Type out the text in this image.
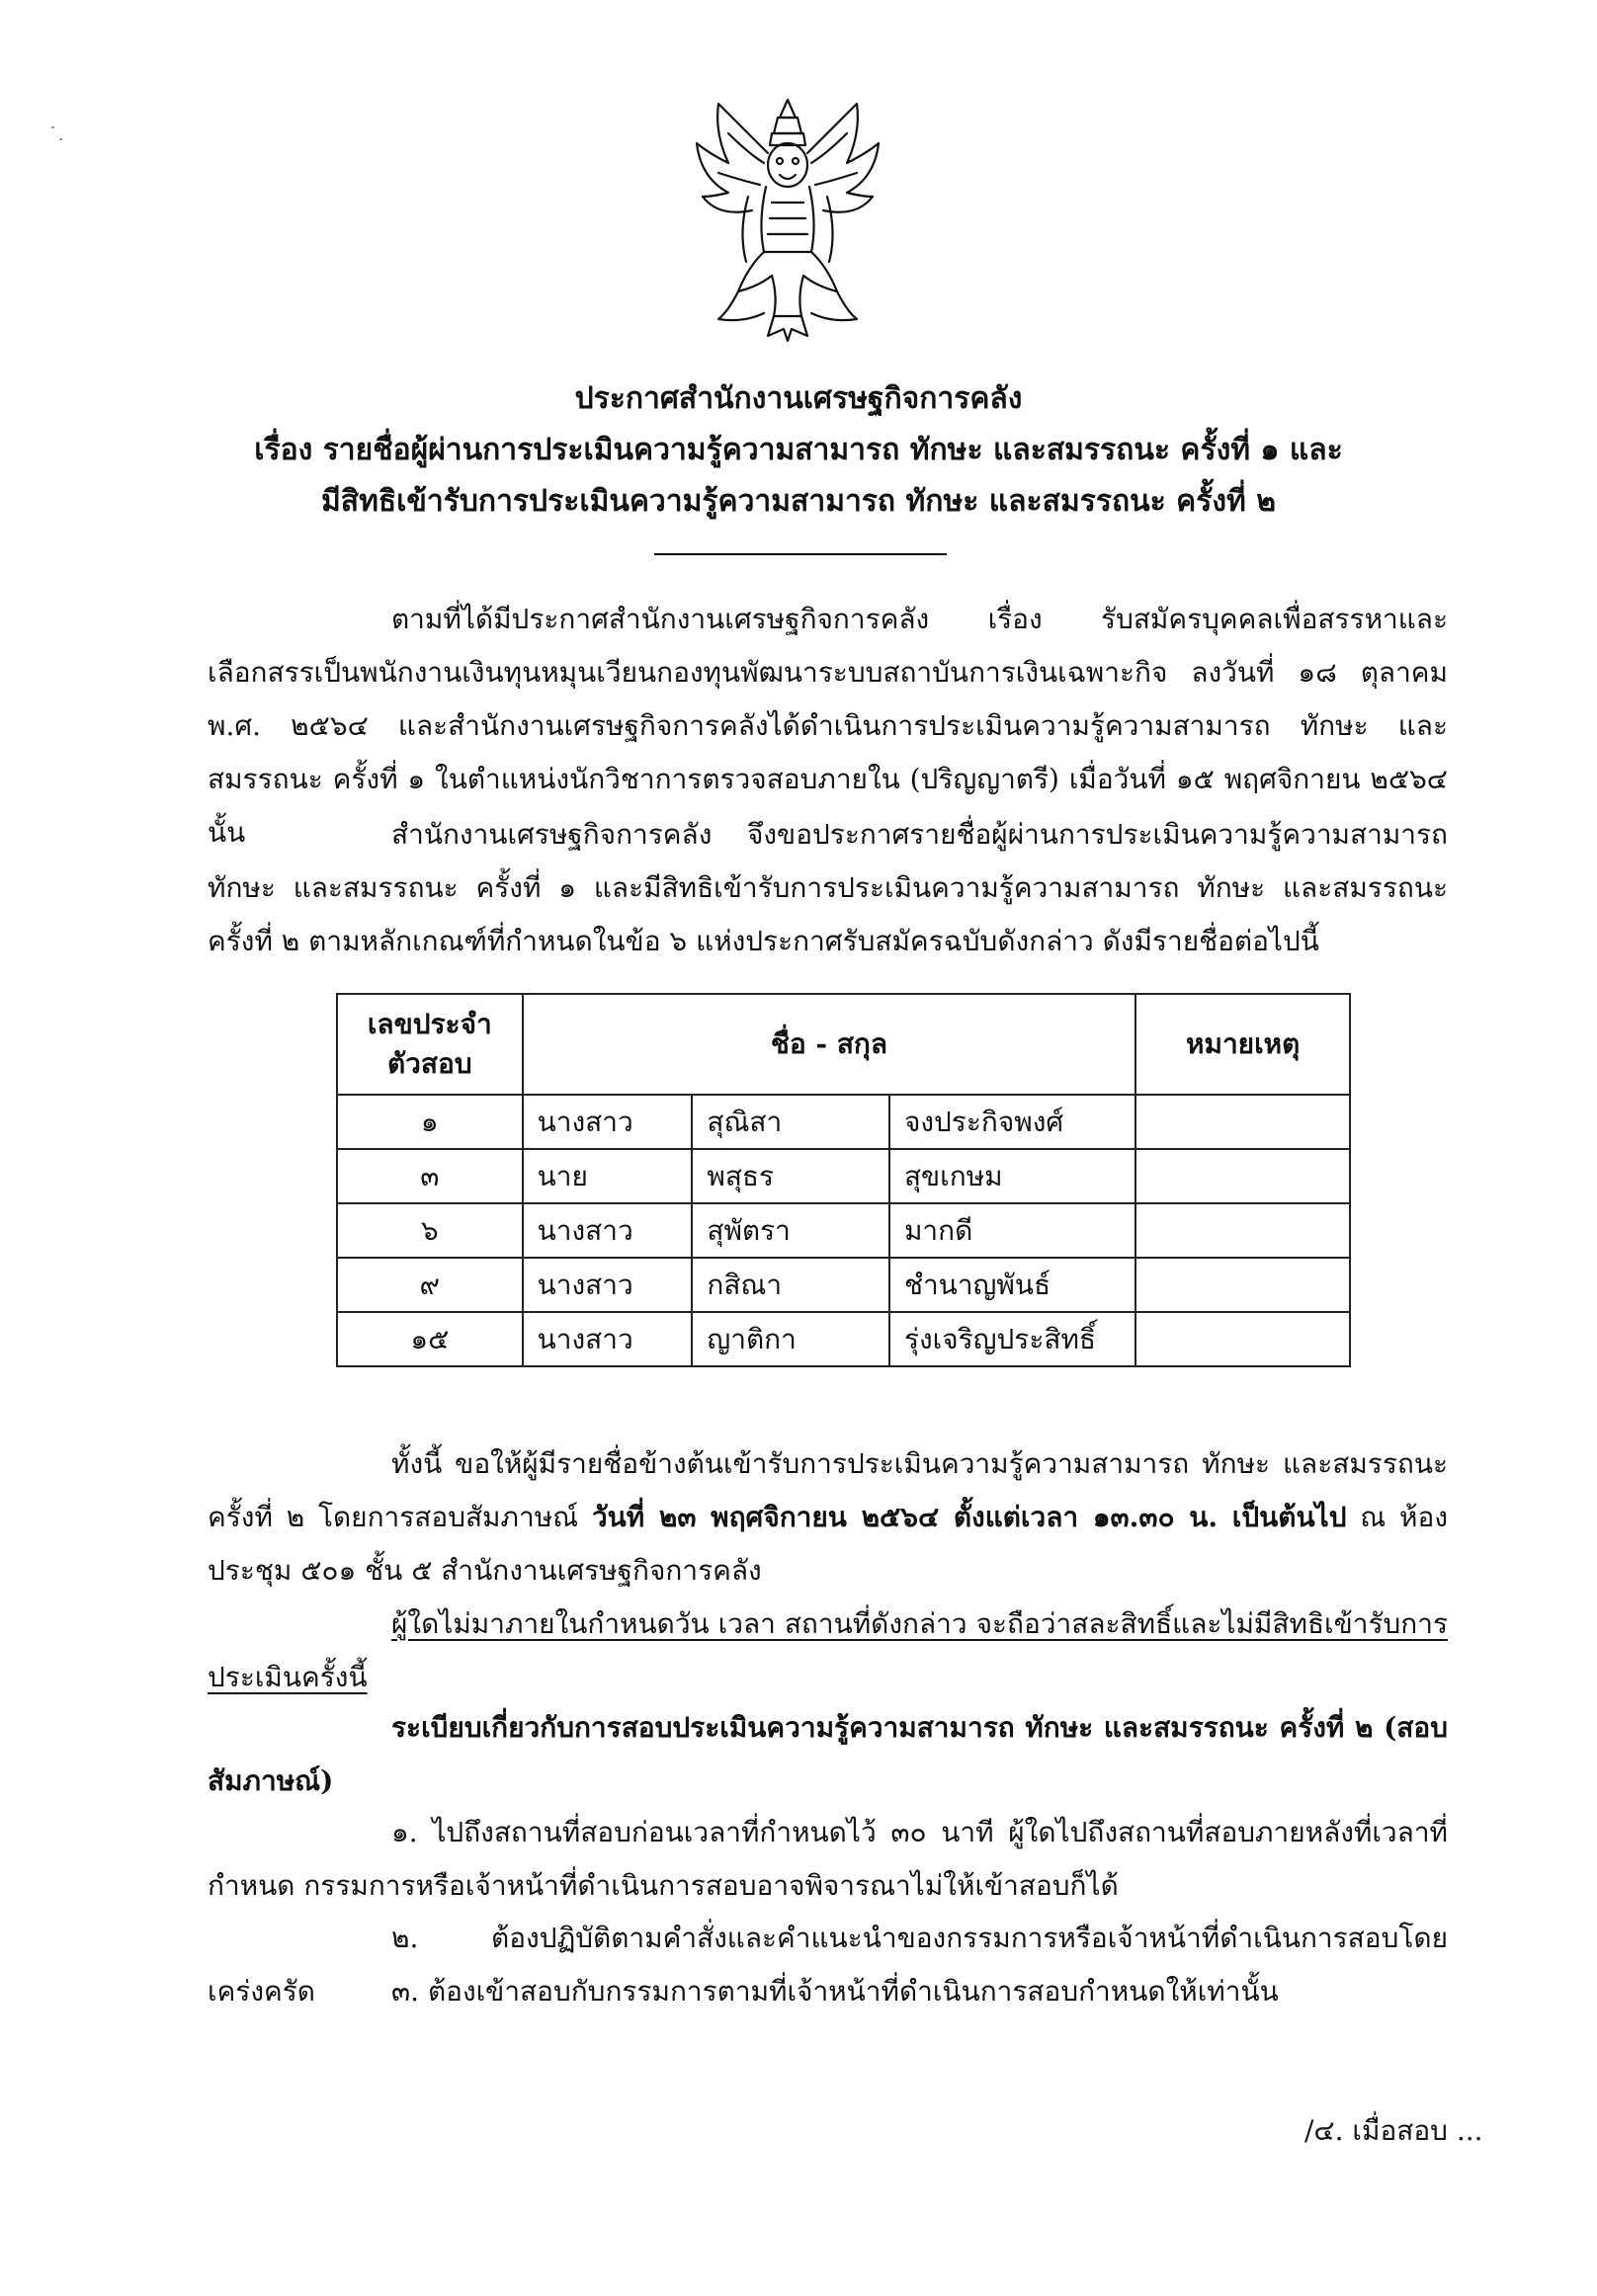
ประกาศสำนักงานเศรษฐกิจการคลัง
เรื่อง รายชื่อผู้ผ่านการประเมินความรู้ความสามารถ ทักษะ และสมรรถนะ ครั้งที่ ๑ และ
มีสิทธิเข้ารับการประเมินความรู้ความสามารถ ทักษะ และสมรรถนะ ครั้งที่ ๒
ตามที่ได้มีประกาศสำนักงานเศรษฐกิจการคลัง เรื่อง รับสมัครบุคคลเพื่อสรรหาและเลือกสรรเป็นพนักงานเงินทุนหมุนเวียนกองทุนพัฒนาระบบสถาบันการเงินเฉพาะกิจ ลงวันที่ ๑๘ ตุลาคม พ.ศ. ๒๕๖๔ และสำนักงานเศรษฐกิจการคลังได้ดำเนินการประเมินความรู้ความสามารถ ทักษะ และสมรรถนะ ครั้งที่ ๑ ในตำแหน่งนักวิชาการตรวจสอบภายใน (ปริญญาตรี) เมื่อวันที่ ๑๕ พฤศจิกายน ๒๕๖๔ นั้น	สำนักงานเศรษฐกิจการคลัง จึงขอประกาศรายชื่อผู้ผ่านการประเมินความรู้ความสามารถ ทักษะ และสมรรถนะ ครั้งที่ ๑ และมีสิทธิเข้ารับการประเมินความรู้ความสามารถ ทักษะ และสมรรถนะ ครั้งที่ ๒ ตามหลักเกณฑ์ที่กำหนดในข้อ ๖ แห่งประกาศรับสมัครฉบับดังกล่าว ดังมีรายชื่อต่อไปนี้
เลขประจำตัวสอบ	ชื่อ - สกุล			หมายเหตุ
๑	นางสาว	สุณิสา	จงประกิจพงศ์	
๓	นาย	พสุธร	สุขเกษม	
๖	นางสาว	สุพัตรา	มากดี	
๙	นางสาว	กสิณา	ชำนาญพันธ์	
๑๕	นางสาว	ญาติกา	รุ่งเจริญประสิทธิ์	
ทั้งนี้ ขอให้ผู้มีรายชื่อข้างต้นเข้ารับการประเมินความรู้ความสามารถ ทักษะ และสมรรถนะ ครั้งที่ ๒ โดยการสอบสัมภาษณ์ วันที่ ๒๓ พฤศจิกายน ๒๕๖๔ ตั้งแต่เวลา ๑๓.๓๐ น. เป็นต้นไป ณ ห้องประชุม ๕๐๑ ชั้น ๕ สำนักงานเศรษฐกิจการคลัง
ผู้ใดไม่มาภายในกำหนดวัน เวลา สถานที่ดังกล่าว จะถือว่าสละสิทธิ์และไม่มีสิทธิเข้ารับการประเมินครั้งนี้
ระเบียบเกี่ยวกับการสอบประเมินความรู้ความสามารถ ทักษะ และสมรรถนะ ครั้งที่ ๒ (สอบสัมภาษณ์)
๑. ไปถึงสถานที่สอบก่อนเวลาที่กำหนดไว้ ๓๐ นาที ผู้ใดไปถึงสถานที่สอบภายหลังที่เวลาที่กำหนด กรรมการหรือเจ้าหน้าที่ดำเนินการสอบอาจพิจารณาไม่ให้เข้าสอบก็ได้
๒. ต้องปฏิบัติตามคำสั่งและคำแนะนำของกรรมการหรือเจ้าหน้าที่ดำเนินการสอบโดยเคร่งครัด	๓. ต้องเข้าสอบกับกรรมการตามที่เจ้าหน้าที่ดำเนินการสอบกำหนดให้เท่านั้น
/๔. เมื่อสอบ ...
